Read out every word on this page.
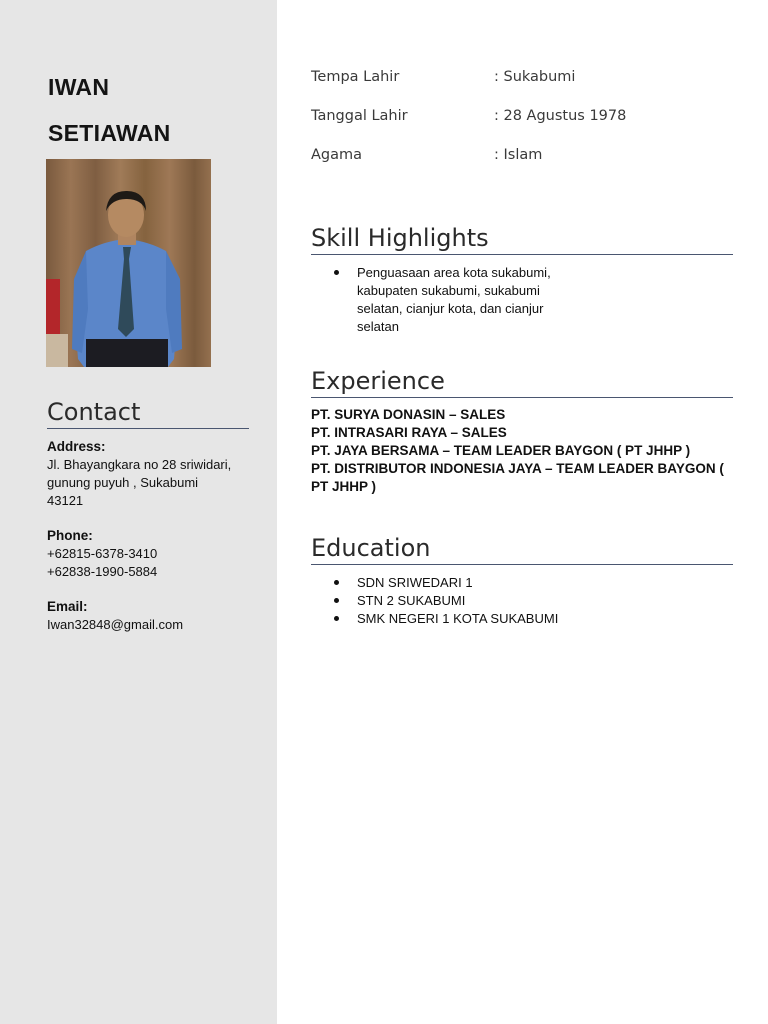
IWAN
SETIAWAN
Contact
Address:
Jl. Bhayangkara no 28 sriwidari,
gunung puyuh , Sukabumi
43121
Phone:
+62815-6378-3410
+62838-1990-5884
Email:
Iwan32848@gmail.com
Tempa Lahir	: Sukabumi
Tanggal Lahir	: 28 Agustus 1978
Agama	: Islam
Skill Highlights
Penguasaan area kota sukabumi, kabupaten sukabumi, sukabumi selatan, cianjur kota, dan cianjur selatan
Experience
PT. SURYA DONASIN – SALES
PT. INTRASARI RAYA – SALES
PT. JAYA BERSAMA – TEAM LEADER BAYGON ( PT JHHP )
PT. DISTRIBUTOR INDONESIA JAYA – TEAM LEADER BAYGON ( PT JHHP )
Education
SDN SRIWEDARI 1
STN 2 SUKABUMI
SMK NEGERI 1 KOTA SUKABUMI
